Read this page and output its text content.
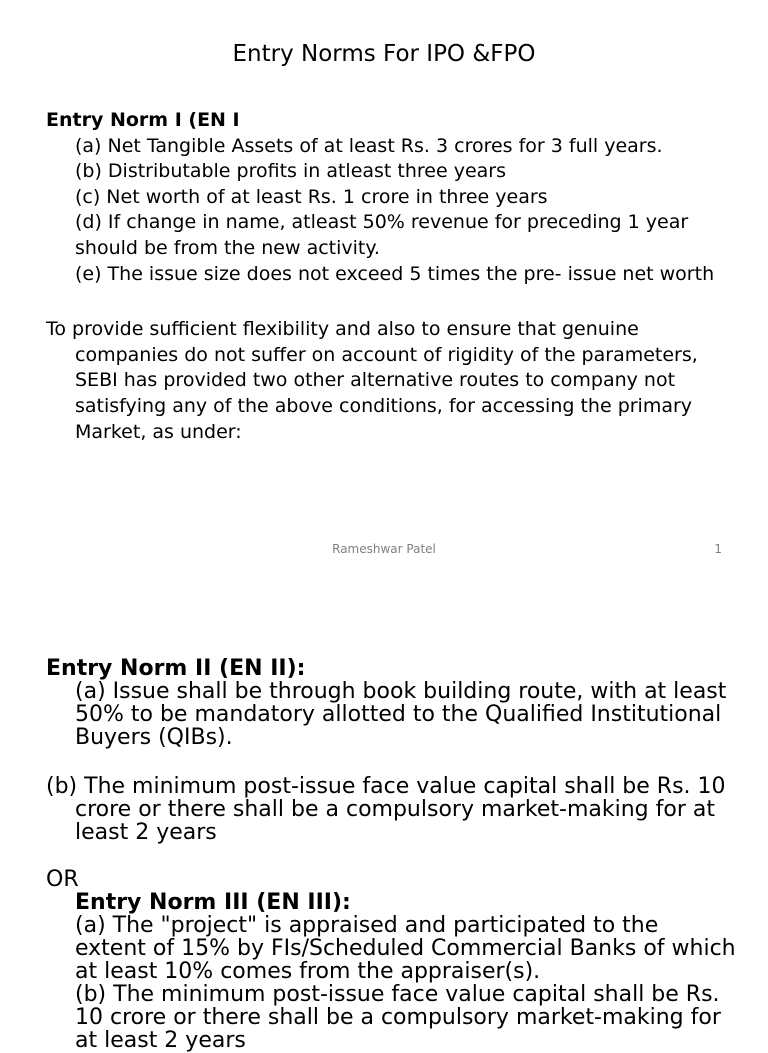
Entry Norms For IPO &FPO
Entry Norm I (EN I
(a) Net Tangible Assets of at least Rs. 3 crores for 3 full years.
(b) Distributable profits in atleast three years
(c) Net worth of at least Rs. 1 crore in three years
(d) If change in name, atleast 50% revenue for preceding 1 year should be from the new activity.
(e) The issue size does not exceed 5 times the pre- issue net worth
To provide sufficient flexibility and also to ensure that genuine companies do not suffer on account of rigidity of the parameters, SEBI has provided two other alternative routes to company not satisfying any of the above conditions, for accessing the primary Market, as under:
Rameshwar Patel	1
Entry Norm II (EN II):
(a) Issue shall be through book building route, with at least 50% to be mandatory allotted to the Qualified Institutional Buyers (QIBs).
(b) The minimum post-issue face value capital shall be Rs. 10 crore or there shall be a compulsory market-making for at least 2 years
OR
Entry Norm III (EN III):
(a) The "project" is appraised and participated to the extent of 15% by FIs/Scheduled Commercial Banks of which at least 10% comes from the appraiser(s).
(b) The minimum post-issue face value capital shall be Rs. 10 crore or there shall be a compulsory market-making for at least 2 years
